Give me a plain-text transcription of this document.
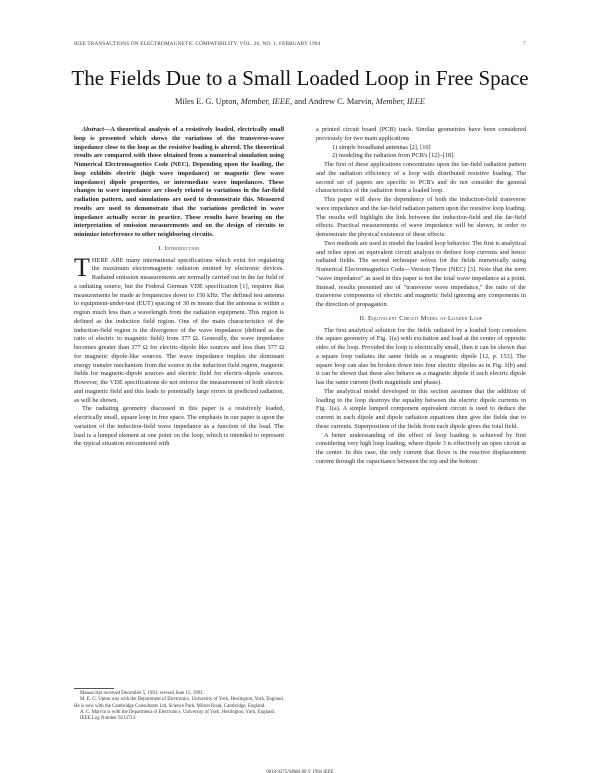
IEEE TRANSACTIONS ON ELECTROMAGNETIC COMPATIBILITY, VOL. 36, NO. 1, FEBRUARY 1994	7
The Fields Due to a Small Loaded Loop in Free Space
Miles E. G. Upton, Member, IEEE, and Andrew C. Marvin, Member, IEEE

Abstract—A theoretical analysis of a resistively loaded, electrically small loop is presented which shows the variations of the transverse-wave impedance close to the loop as the resistive loading is altered. The theoretical results are compared with those obtained from a numerical simulation using Numerical Electromagnetics Code (NEC). Depending upon the loading, the loop exhibits electric (high wave impedance) or magnetic (low wave impedance) dipole properties, or intermediate wave impedances. These changes in wave impedance are closely related to variations in the far-field radiation pattern, and simulations are used to demonstrate this. Measured results are used to demonstrate that the variations predicted in wave impedance actually occur in practice. These results have bearing on the interpretation of emission measurements and on the design of circuits to minimize interference to other neighboring circuits.

I. Introduction

THERE ARE many international specifications which exist for regulating the maximum electromagnetic radiation emitted by electronic devices. Radiated emission measurements are normally carried out in the far field of a radiating source, but the Federal German VDE specification [1], requires that measurements be made at frequencies down to 150 kHz. The defined test antenna to equipment-under-test (EUT) spacing of 30 m means that the antenna is within a region much less than a wavelength from the radiation equipment. This region is defined as the induction field region. One of the main characteristics of the induction-field region is the divergence of the wave impedance (defined as the ratio of electric to magnetic field) from 377 Ω. Generally, the wave impedance becomes greater than 377 Ω for electric-dipole like sources and less than 377 Ω for magnetic dipole-like sources. The wave impedance implies the dominant energy transfer mechanism from the source in the induction field region, magnetic fields for magnetic-dipole sources and electric field for electric-dipole sources. However, the VDE specifications do not enforce the measurement of both electric and magnetic field and this leads to potentially large errors in predicted radiation, as will be shown.

The radiating geometry discussed in this paper is a resistively loaded, electrically small, square loop in free space. The emphasis in our paper is upon the variation of the induction-field wave impedance as a function of the load. The load is a lumped element at one point on the loop, which is intended to represent the typical situation encountered with

a printed circuit board (PCB) track. Similar geometries have been considered previously for two main applications

1) simple broadband antennas [2], [10]

2) modeling the radiation from PCB's [12]–[18].

The first of these applications concentrates upon the far-field radiation pattern and the radiation efficiency of a loop with distributed resistive loading. The second set of papers are specific to PCB's and do not consider the general characteristics of the radiation from a loaded loop.

This paper will show the dependency of both the induction-field transverse wave impedance and the far-field radiation pattern upon the resistive loop loading. The results will highlight the link between the induction-field and the far-field effects. Practical measurements of wave impedance will be shown, in order to demonstrate the physical existence of these effects.

Two methods are used to model the loaded loop behavior. The first is analytical and relies upon an equivalent circuit analysis to deduce loop currents and hence radiated fields. The second technique solves for the fields numerically using Numerical Electromagnetics Code—Version Three (NEC) [3]. Note that the term "wave impedance" as used in this paper is not the total wave impedance at a point. Instead, results presented are of "transverse wave impedance," the ratio of the transverse components of electric and magnetic field ignoring any components in the direction of propagation.

II. Equivalent Circuit Model of Loaded Loop

The first analytical solution for the fields radiated by a loaded loop considers the square geometry of Fig. 1(a) with excitation and load at the center of opposite sides of the loop. Provided the loop is electrically small, then it can be shown that a square loop radiates the same fields as a magnetic dipole [12, p. 153]. The square loop can also be broken down into four electric dipoles as in Fig. 1(b) and it can be shown that these also behave as a magnetic dipole if each electric dipole has the same current (both magnitude and phase).

The analytical model developed in this section assumes that the addition of loading to the loop destroys the equality between the electric dipole currents in Fig. 1(a). A simple lumped component equivalent circuit is used to deduce the current in each dipole and dipole radiation equations then give the fields due to these currents. Superposition of the fields from each dipole gives the total field.

A better understanding of the effect of loop loading is achieved by first considering very high loop loading, where dipole 3 is effectively an open circuit at the center. In this case, the only current that flows is the reactive displacement current through the capacitance between the top and the bottom

Manuscript received December 5, 1991; revised June 15, 1993.

M. E. G. Upton was with the Department of Electronics, University of York, Heslington, York, England. He is now with the Cambridge Consultants Ltd, Science Park, Milton Road, Cambridge, England.

A. C. Marvin is with the Department of Electronics, University of York, Heslington, York, England.

IEEE Log Number 9213713.

0018-9375/94$04.00 © 1994 IEEE
